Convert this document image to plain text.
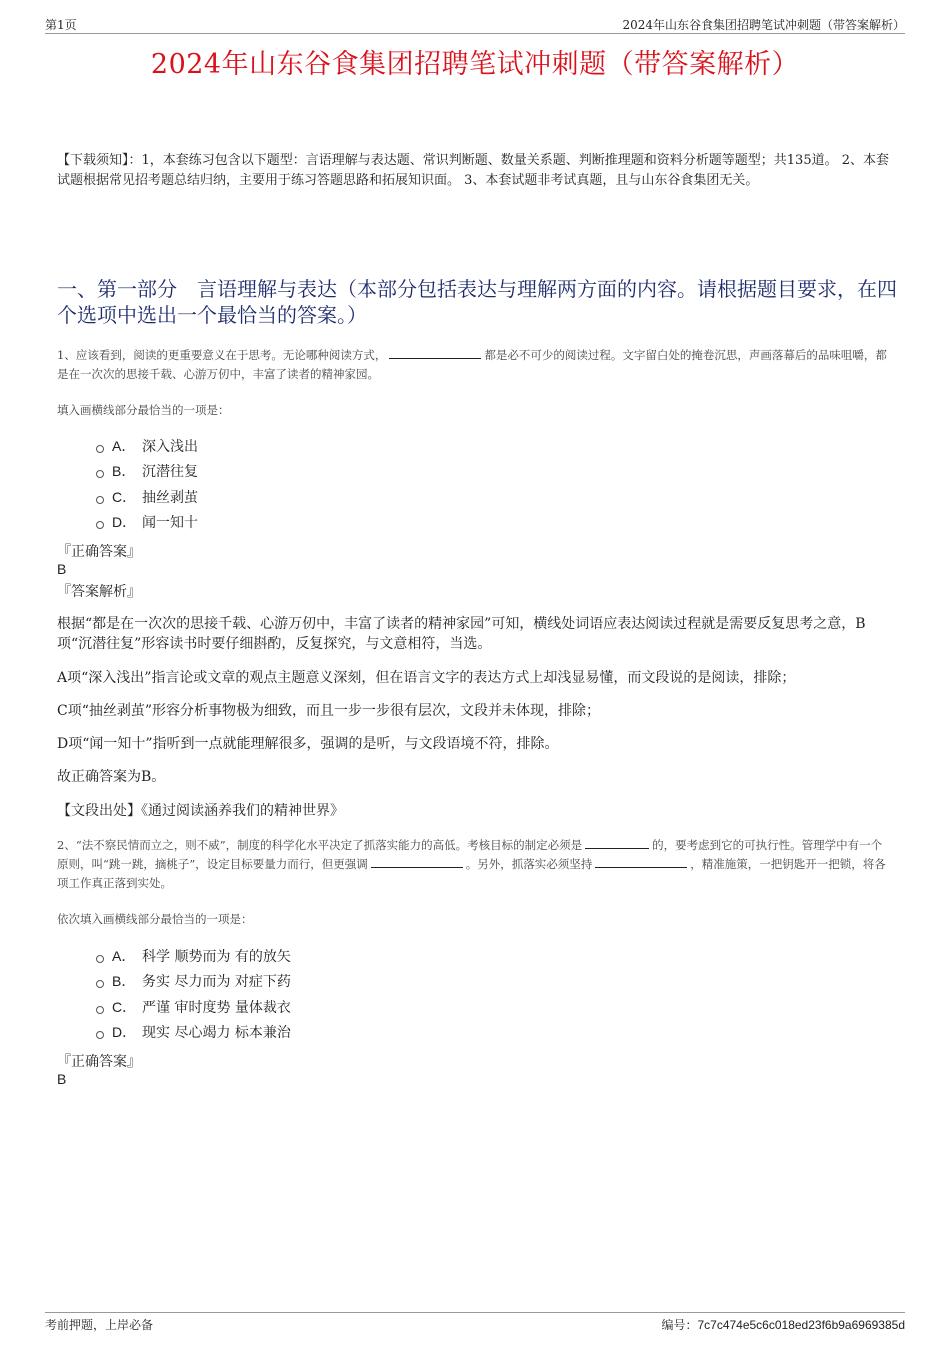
第1页	2024年山东谷食集团招聘笔试冲刺题（带答案解析）
2024年山东谷食集团招聘笔试冲刺题（带答案解析）
【下载须知】：1，本套练习包含以下题型：言语理解与表达题、常识判断题、数量关系题、判断推理题和资料分析题等题型；共135道。 2、本套试题根据常见招考题总结归纳，主要用于练习答题思路和拓展知识面。 3、本套试题非考试真题，且与山东谷食集团无关。
一、第一部分　言语理解与表达（本部分包括表达与理解两方面的内容。请根据题目要求，在四个选项中选出一个最恰当的答案。）
1、应该看到，阅读的更重要意义在于思考。无论哪种阅读方式，	都是必不可少的阅读过程。文字留白处的掩卷沉思，声画落幕后的品味咀嚼，都是在一次次的思接千载、心游万仞中，丰富了读者的精神家园。
填入画横线部分最恰当的一项是：
A． 深入浅出
B． 沉潜往复
C． 抽丝剥茧
D． 闻一知十
『正确答案』
B
『答案解析』
根据“都是在一次次的思接千载、心游万仞中，丰富了读者的精神家园”可知，横线处词语应表达阅读过程就是需要反复思考之意，B项“沉潜往复”形容读书时要仔细斟酌，反复探究，与文意相符，当选。
A项“深入浅出”指言论或文章的观点主题意义深刻，但在语言文字的表达方式上却浅显易懂，而文段说的是阅读，排除；
C项“抽丝剥茧”形容分析事物极为细致，而且一步一步很有层次，文段并未体现，排除；
D项“闻一知十”指听到一点就能理解很多，强调的是听，与文段语境不符，排除。
故正确答案为B。
【文段出处】《通过阅读涵养我们的精神世界》
2、“法不察民情而立之，则不威”，制度的科学化水平决定了抓落实能力的高低。考核目标的制定必须是	的，要考虑到它的可执行性。管理学中有一个原则，叫“跳一跳，摘桃子”，设定目标要量力而行，但更强调	。另外，抓落实必须坚持	，精准施策，一把钥匙开一把锁，将各项工作真正落到实处。
依次填入画横线部分最恰当的一项是：
A． 科学 顺势而为 有的放矢
B． 务实 尽力而为 对症下药
C． 严谨 审时度势 量体裁衣
D． 现实 尽心竭力 标本兼治
『正确答案』
B
考前押题，上岸必备	编号：7c7c474e5c6c018ed23f6b9a6969385d
